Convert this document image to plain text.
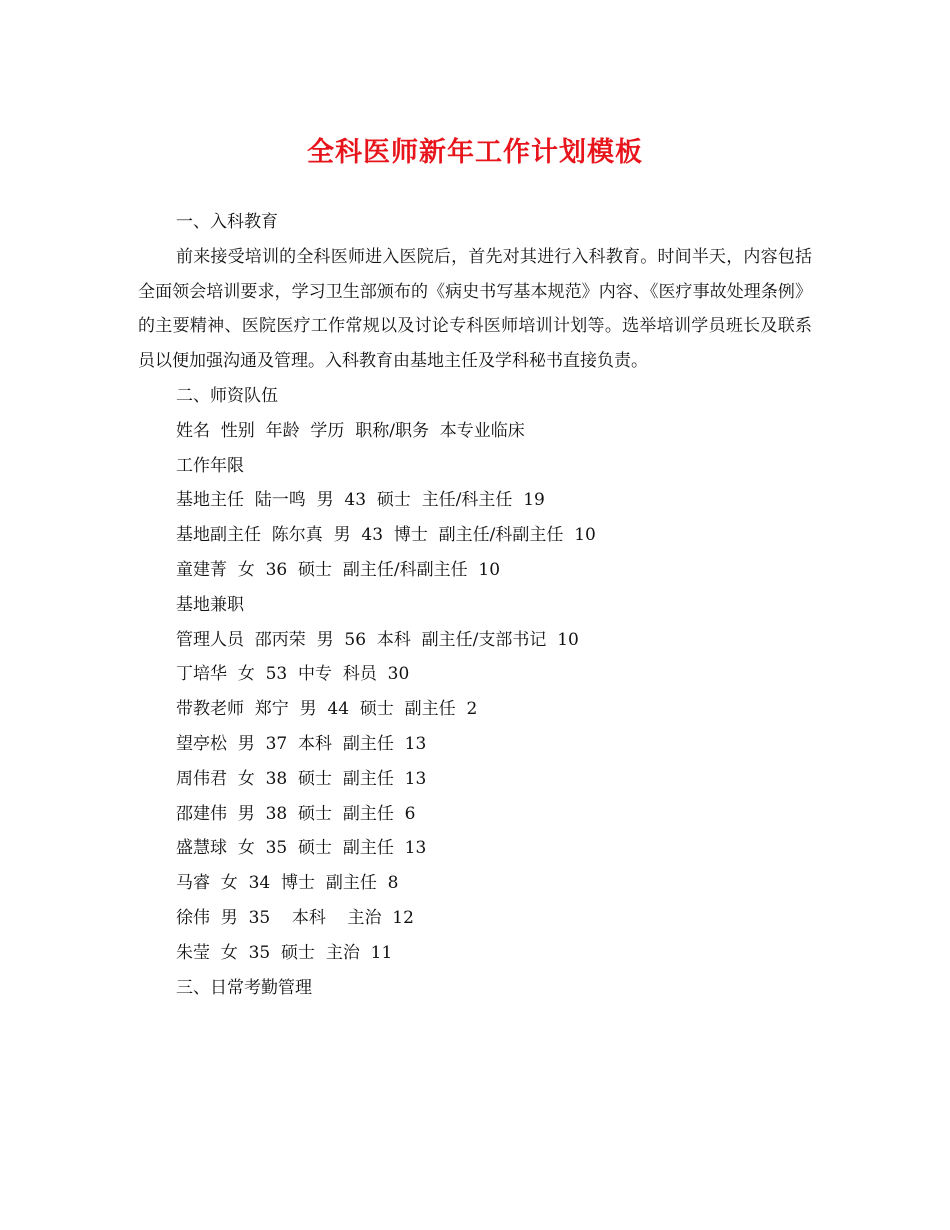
全科医师新年工作计划模板
一、入科教育

前来接受培训的全科医师进入医院后，首先对其进行入科教育。时间半天，内容包括全面领会培训要求，学习卫生部颁布的《病史书写基本规范》内容、《医疗事故处理条例》的主要精神、医院医疗工作常规以及讨论专科医师培训计划等。选举培训学员班长及联系员以便加强沟通及管理。入科教育由基地主任及学科秘书直接负责。

二、师资队伍
姓名  性别  年龄  学历  职称/职务  本专业临床
工作年限
基地主任  陆一鸣  男  43  硕士  主任/科主任  19
基地副主任  陈尔真  男  43  博士  副主任/科副主任  10
童建菁  女  36  硕士  副主任/科副主任  10
基地兼职
管理人员  邵丙荣  男  56  本科  副主任/支部书记  10
丁培华  女  53  中专  科员  30
带教老师  郑宁  男  44  硕士  副主任  2
望亭松  男  37  本科  副主任  13
周伟君  女  38  硕士  副主任  13
邵建伟  男  38  硕士  副主任  6
盛慧球  女  35  硕士  副主任  13
马睿  女  34  博士  副主任  8
徐伟  男  35    本科    主治  12
朱莹  女  35  硕士  主治  11
三、日常考勤管理
